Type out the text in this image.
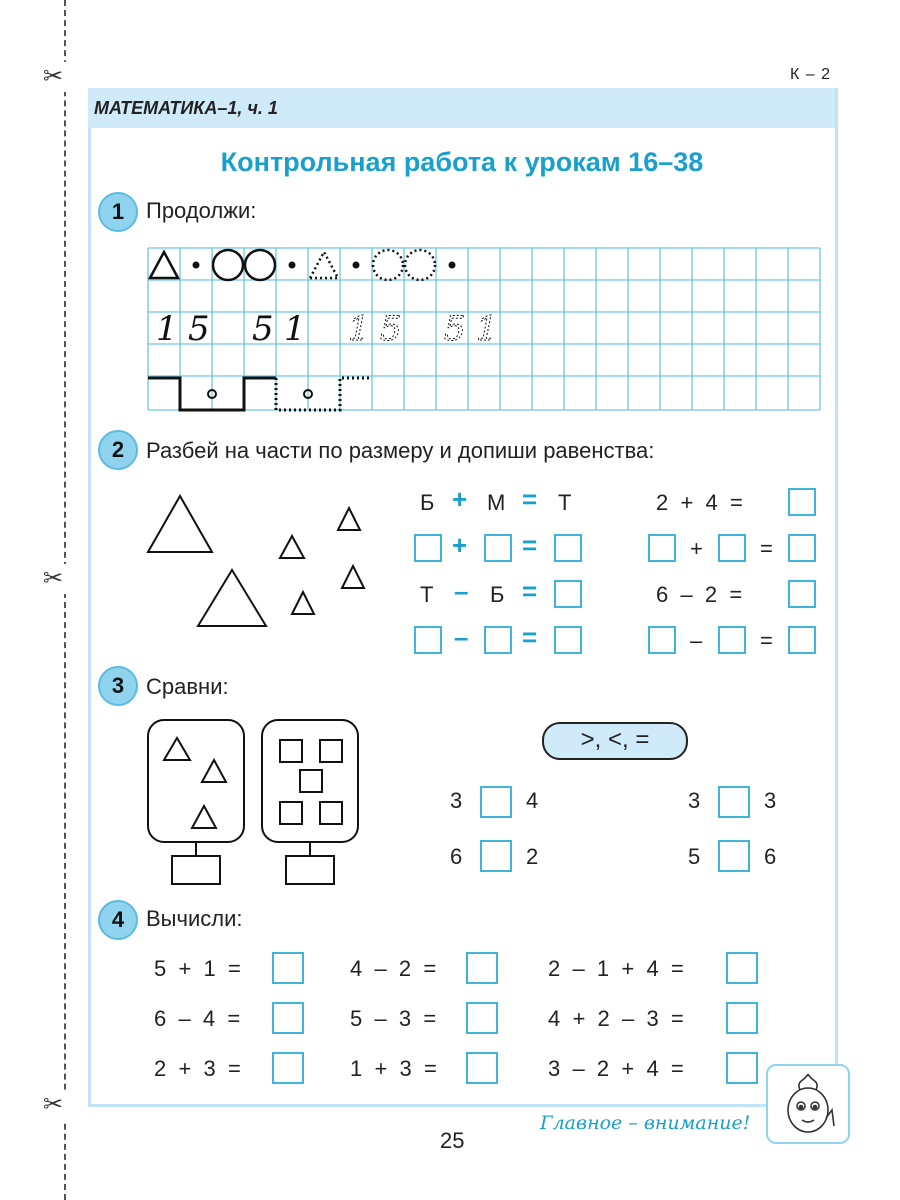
✂
✂
✂
К – 2
МАТЕМАТИКА–1, ч. 1
Контрольная работа к урокам 16–38
1 Продолжи:
1 5 5 1 1 5 5 1
2 Разбей на части по размеру и допиши равенства:
Б + М = Т	2  +  4  =
+ =	+	=
Т – Б =	6  –  2  =
– =	–	=
3 Сравни:
>, <, =
3	4	3	3
6	2	5	6
4 Вычисли:
5  +  1  =	4  –  2  =	2  –  1  +  4  =
6  –  4  =	5  –  3  =	4  +  2  –  3  =
2  +  3  =	1  +  3  =	3  –  2  +  4  =
25
Главное – внимание!
